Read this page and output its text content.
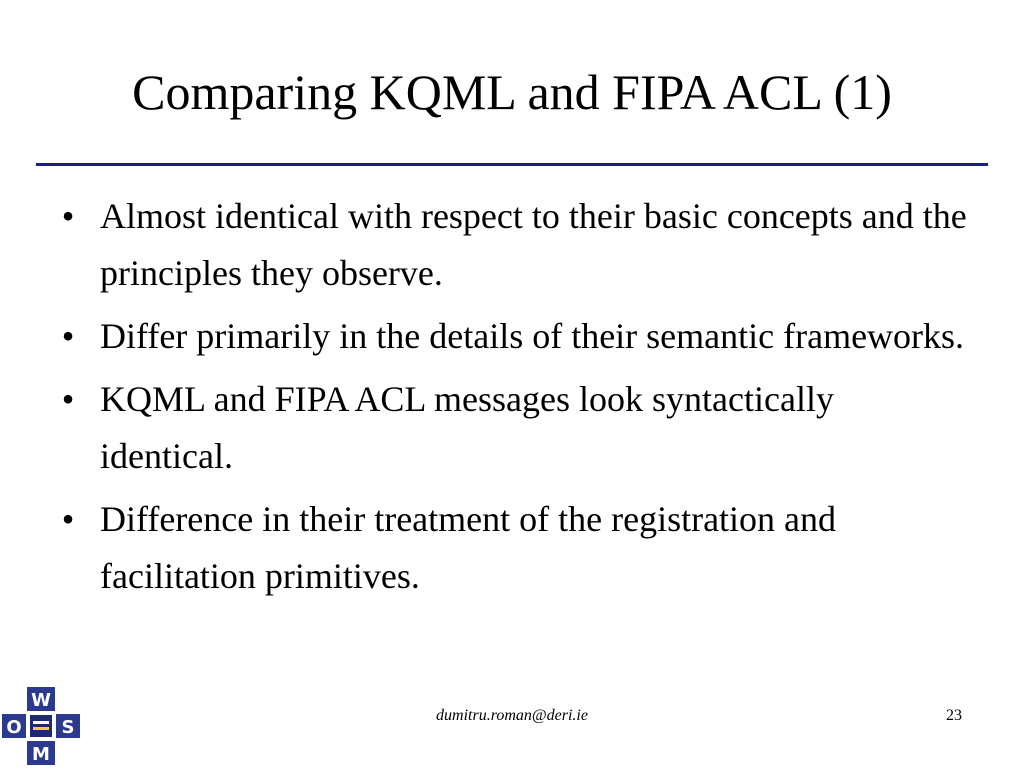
Comparing KQML and FIPA ACL (1)
• Almost identical with respect to their basic concepts and the principles they observe.
• Differ primarily in the details of their semantic frameworks.
• KQML and FIPA ACL messages look syntactically identical.
• Difference in their treatment of the registration and facilitation primitives.
W
O S
M
dumitru.roman@deri.ie	23
